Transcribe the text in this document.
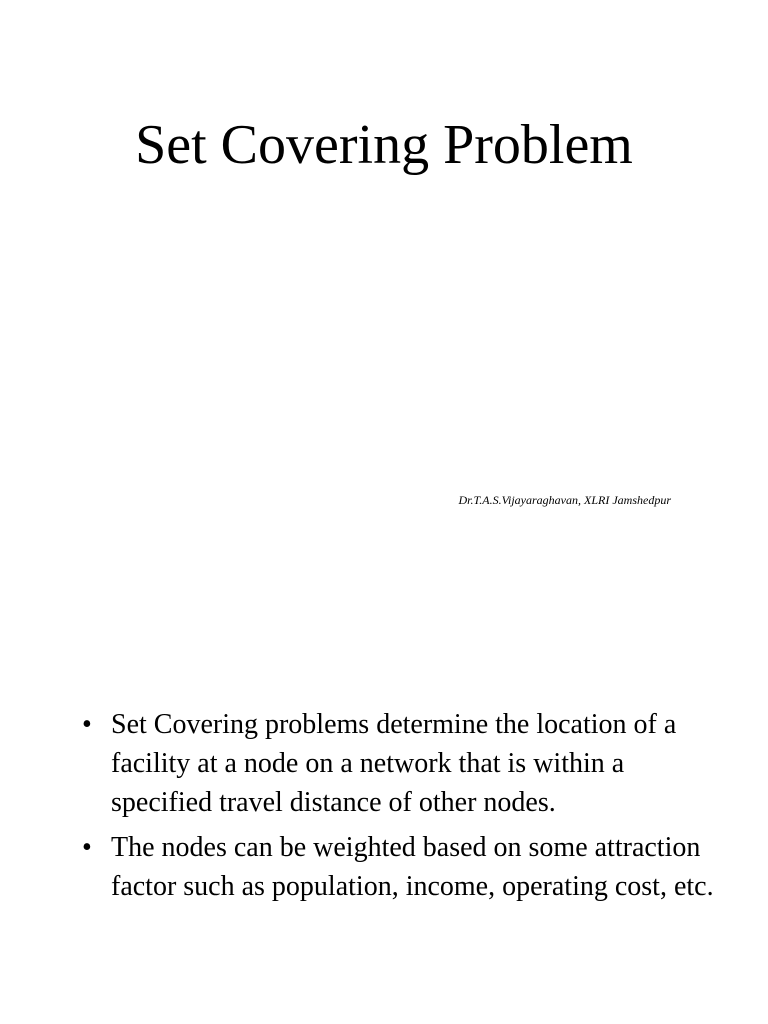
Set Covering Problem
Dr.T.A.S.Vijayaraghavan, XLRI Jamshedpur
• Set Covering problems determine the location of a facility at a node on a network that is within a specified travel distance of other nodes.
• The nodes can be weighted based on some attraction factor such as population, income, operating cost, etc.
